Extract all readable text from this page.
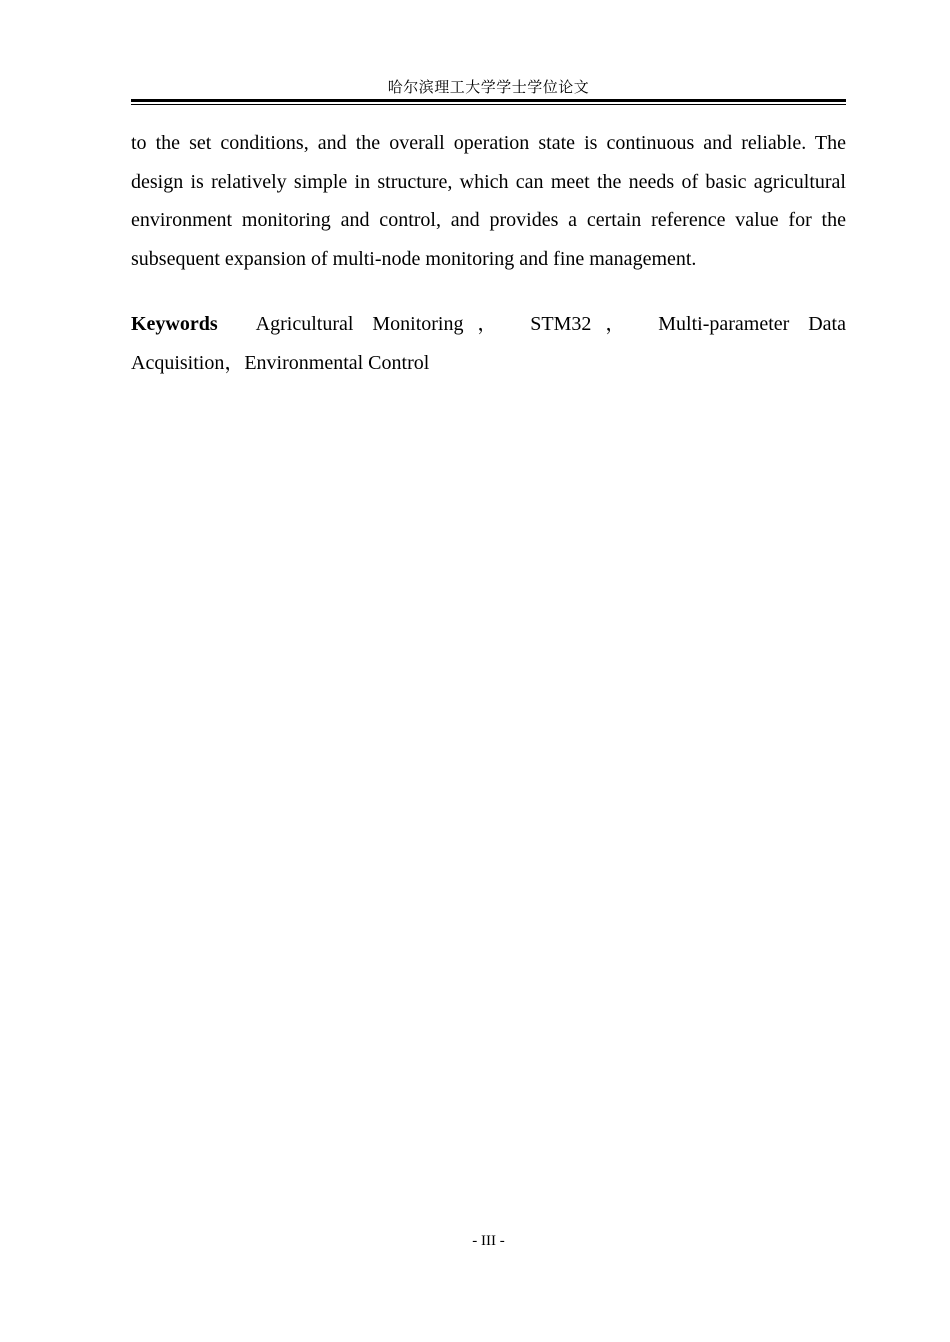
哈尔滨理工大学学士学位论文

to the set conditions, and the overall operation state is continuous and reliable. The design is relatively simple in structure, which can meet the needs of basic agricultural environment monitoring and control, and provides a certain reference value for the subsequent expansion of multi-node monitoring and fine management.

Keywords Agricultural Monitoring， STM32， Multi-parameter Data Acquisition，Environmental Control

- III -
